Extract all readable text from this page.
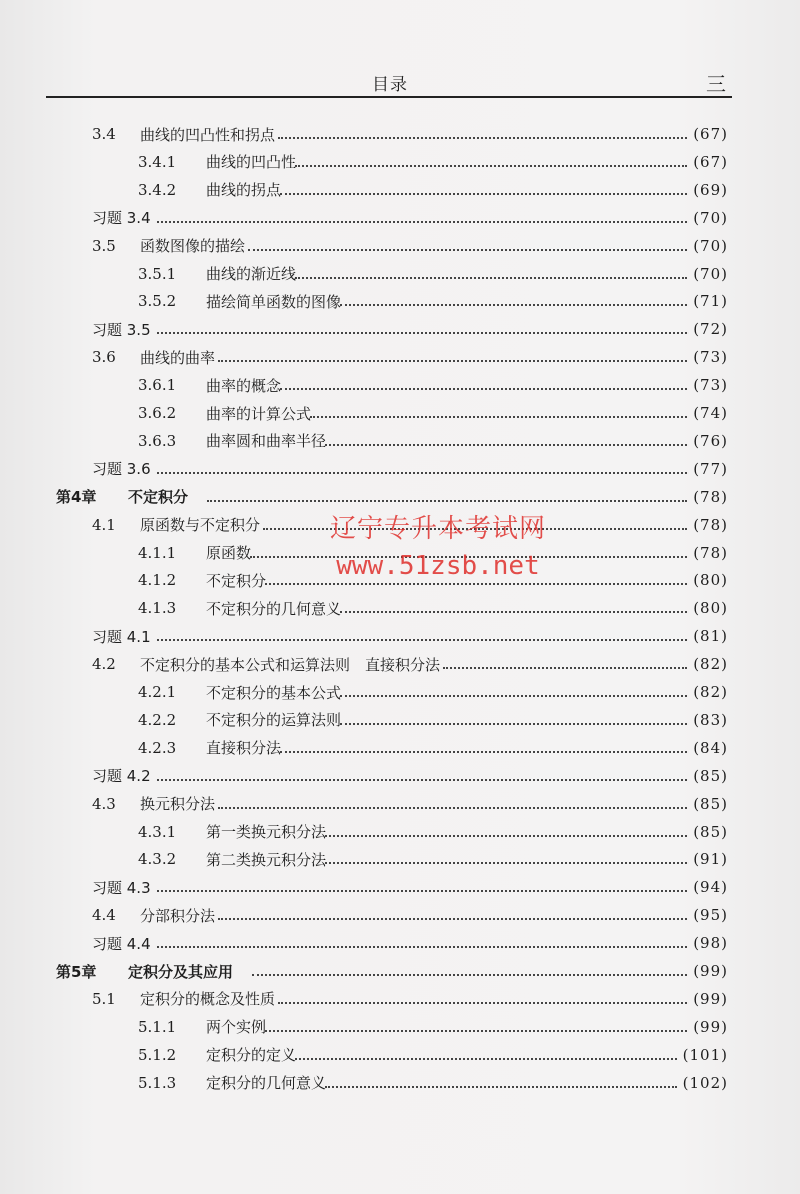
目录	三
3.4 曲线的凹凸性和拐点	(67)
3.4.1 曲线的凹凸性	(67)
3.4.2 曲线的拐点	(69)
习题 3.4	(70)
3.5 函数图像的描绘	(70)
3.5.1 曲线的渐近线	(70)
3.5.2 描绘简单函数的图像	(71)
习题 3.5	(72)
3.6 曲线的曲率	(73)
3.6.1 曲率的概念	(73)
3.6.2 曲率的计算公式	(74)
3.6.3 曲率圆和曲率半径	(76)
习题 3.6	(77)
第4章 不定积分	(78)
4.1 原函数与不定积分	(78)
4.1.1 原函数	(78)
4.1.2 不定积分	(80)
4.1.3 不定积分的几何意义	(80)
习题 4.1	(81)
4.2 不定积分的基本公式和运算法则　直接积分法	(82)
4.2.1 不定积分的基本公式	(82)
4.2.2 不定积分的运算法则	(83)
4.2.3 直接积分法	(84)
习题 4.2	(85)
4.3 换元积分法	(85)
4.3.1 第一类换元积分法	(85)
4.3.2 第二类换元积分法	(91)
习题 4.3	(94)
4.4 分部积分法	(95)
习题 4.4	(98)
第5章 定积分及其应用	(99)
5.1 定积分的概念及性质	(99)
5.1.1 两个实例	(99)
5.1.2 定积分的定义	(101)
5.1.3 定积分的几何意义	(102)
辽宁专升本考试网
www.51zsb.net
